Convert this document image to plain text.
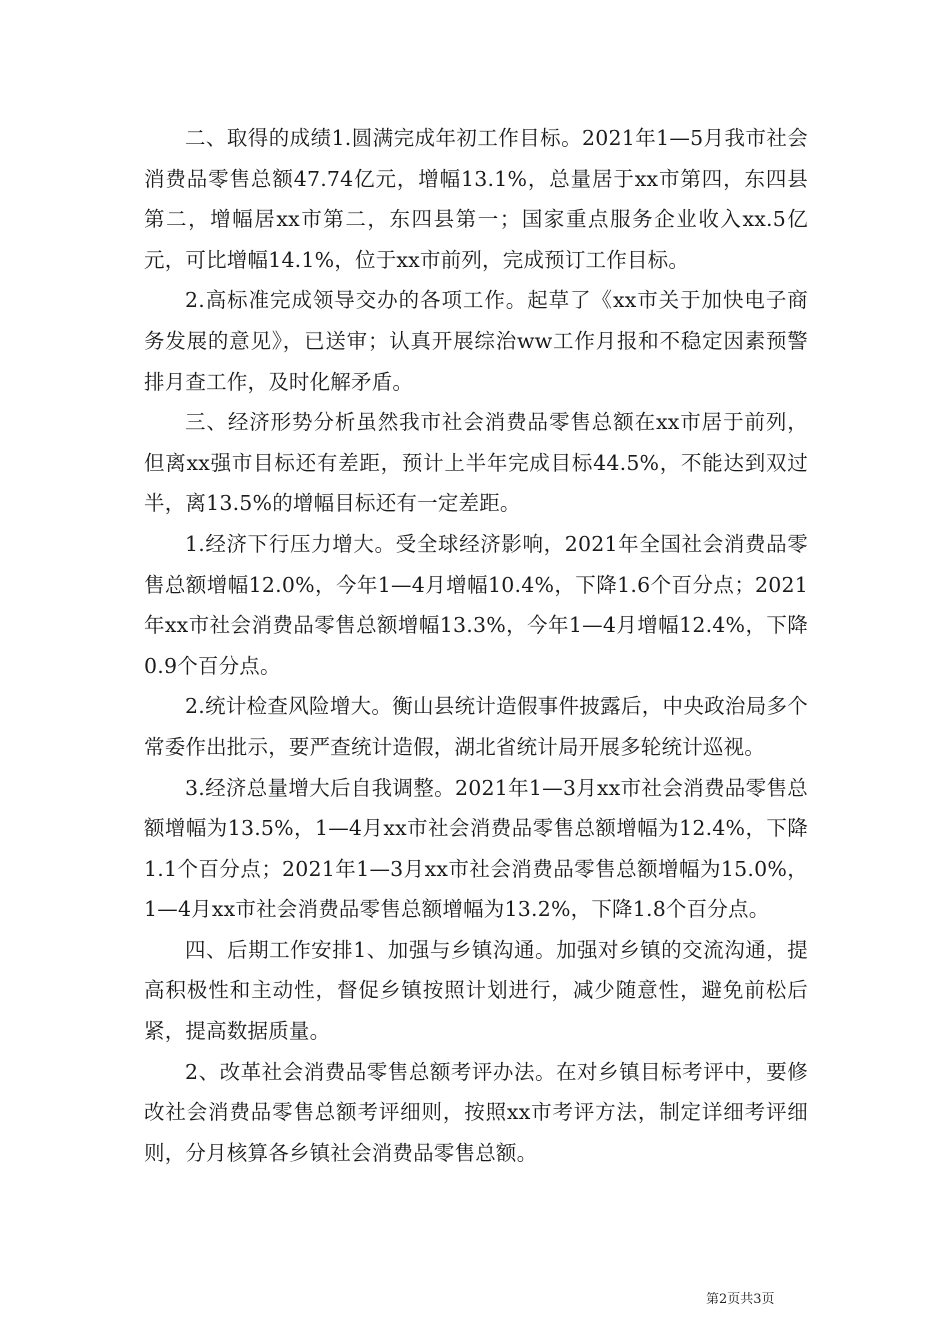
二、取得的成绩1.圆满完成年初工作目标。2021年1—5月我市社会消费品零售总额47.74亿元，增幅13.1%，总量居于xx市第四，东四县第二，增幅居xx市第二，东四县第一；国家重点服务企业收入xx.5亿元，可比增幅14.1%，位于xx市前列，完成预订工作目标。

2.高标准完成领导交办的各项工作。起草了《xx市关于加快电子商务发展的意见》，已送审；认真开展综治ww工作月报和不稳定因素预警排月查工作，及时化解矛盾。

三、经济形势分析虽然我市社会消费品零售总额在xx市居于前列，但离xx强市目标还有差距，预计上半年完成目标44.5%，不能达到双过半，离13.5%的增幅目标还有一定差距。

1.经济下行压力增大。受全球经济影响，2021年全国社会消费品零售总额增幅12.0%，今年1—4月增幅10.4%，下降1.6个百分点；2021年xx市社会消费品零售总额增幅13.3%，今年1—4月增幅12.4%，下降0.9个百分点。

2.统计检查风险增大。衡山县统计造假事件披露后，中央政治局多个常委作出批示，要严查统计造假，湖北省统计局开展多轮统计巡视。

3.经济总量增大后自我调整。2021年1—3月xx市社会消费品零售总额增幅为13.5%，1—4月xx市社会消费品零售总额增幅为12.4%，下降1.1个百分点；2021年1—3月xx市社会消费品零售总额增幅为15.0%，1—4月xx市社会消费品零售总额增幅为13.2%，下降1.8个百分点。

四、后期工作安排1、加强与乡镇沟通。加强对乡镇的交流沟通，提高积极性和主动性，督促乡镇按照计划进行，减少随意性，避免前松后紧，提高数据质量。

2、改革社会消费品零售总额考评办法。在对乡镇目标考评中，要修改社会消费品零售总额考评细则，按照xx市考评方法，制定详细考评细则，分月核算各乡镇社会消费品零售总额。

第2页共3页
